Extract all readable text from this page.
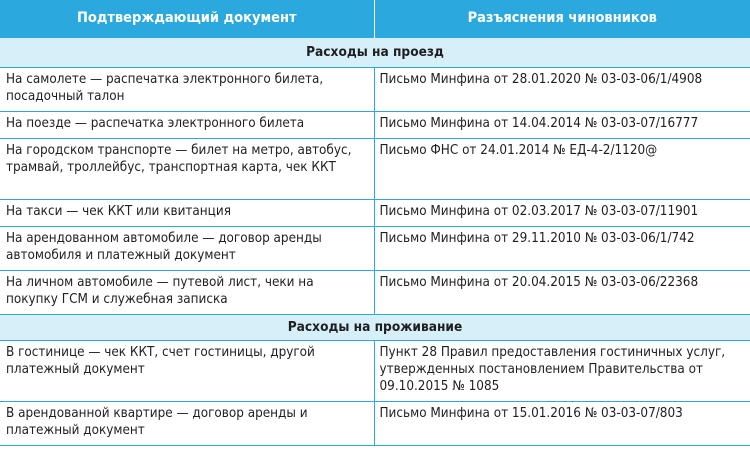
Подтверждающий документ	Разъяснения чиновников
Расходы на проезд	
На самолете — распечатка электронного билета, посадочный талон	Письмо Минфина от 28.01.2020 № 03-03-06/1/4908
На поезде — распечатка электронного билета	Письмо Минфина от 14.04.2014 № 03-03-07/16777
На городском транспорте — билет на метро, автобус, трамвай, троллейбус, транспортная карта, чек ККТ	Письмо ФНС от 24.01.2014 № ЕД-4-2/1120@
На такси — чек ККТ или квитанция	Письмо Минфина от 02.03.2017 № 03-03-07/11901
На арендованном автомобиле — договор аренды автомобиля и платежный документ	Письмо Минфина от 29.11.2010 № 03-03-06/1/742
На личном автомобиле — путевой лист, чеки на покупку ГСМ и служебная записка	Письмо Минфина от 20.04.2015 № 03-03-06/22368
Расходы на проживание	
В гостинице — чек ККТ, счет гостиницы, другой платежный документ	Пункт 28 Правил предоставления гостиничных услуг, утвержденных постановлением Правительства от 09.10.2015 № 1085
В арендованной квартире — договор аренды и платежный документ	Письмо Минфина от 15.01.2016 № 03-03-07/803
